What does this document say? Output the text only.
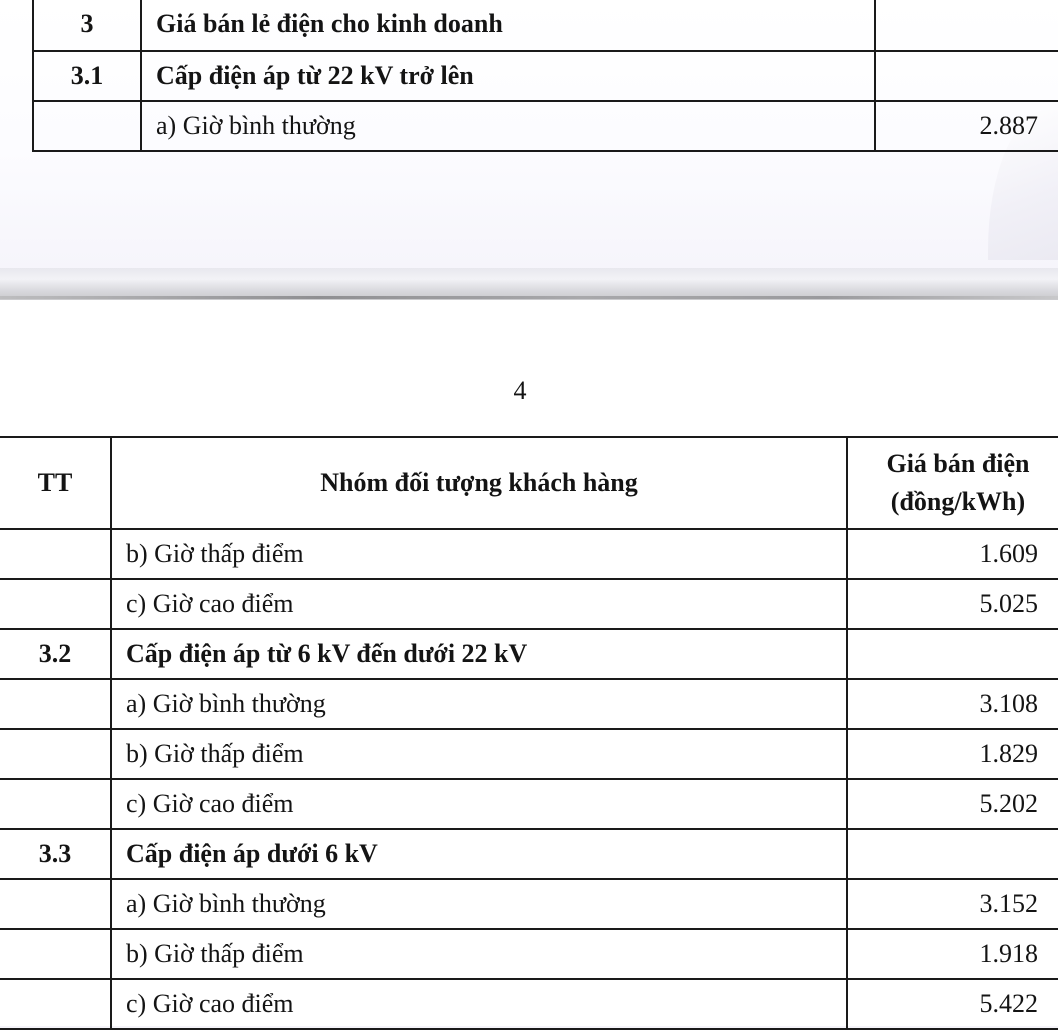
3	Giá bán lẻ điện cho kinh doanh	
3.1	Cấp điện áp từ 22 kV trở lên	
	a) Giờ bình thường	2.887
4
TT	Nhóm đối tượng khách hàng	Giá bán điện
(đồng/kWh)

	b) Giờ thấp điểm	1.609
	c) Giờ cao điểm	5.025
3.2	Cấp điện áp từ 6 kV đến dưới 22 kV	
	a) Giờ bình thường	3.108
	b) Giờ thấp điểm	1.829
	c) Giờ cao điểm	5.202
3.3	Cấp điện áp dưới 6 kV	
	a) Giờ bình thường	3.152
	b) Giờ thấp điểm	1.918
	c) Giờ cao điểm	5.422
